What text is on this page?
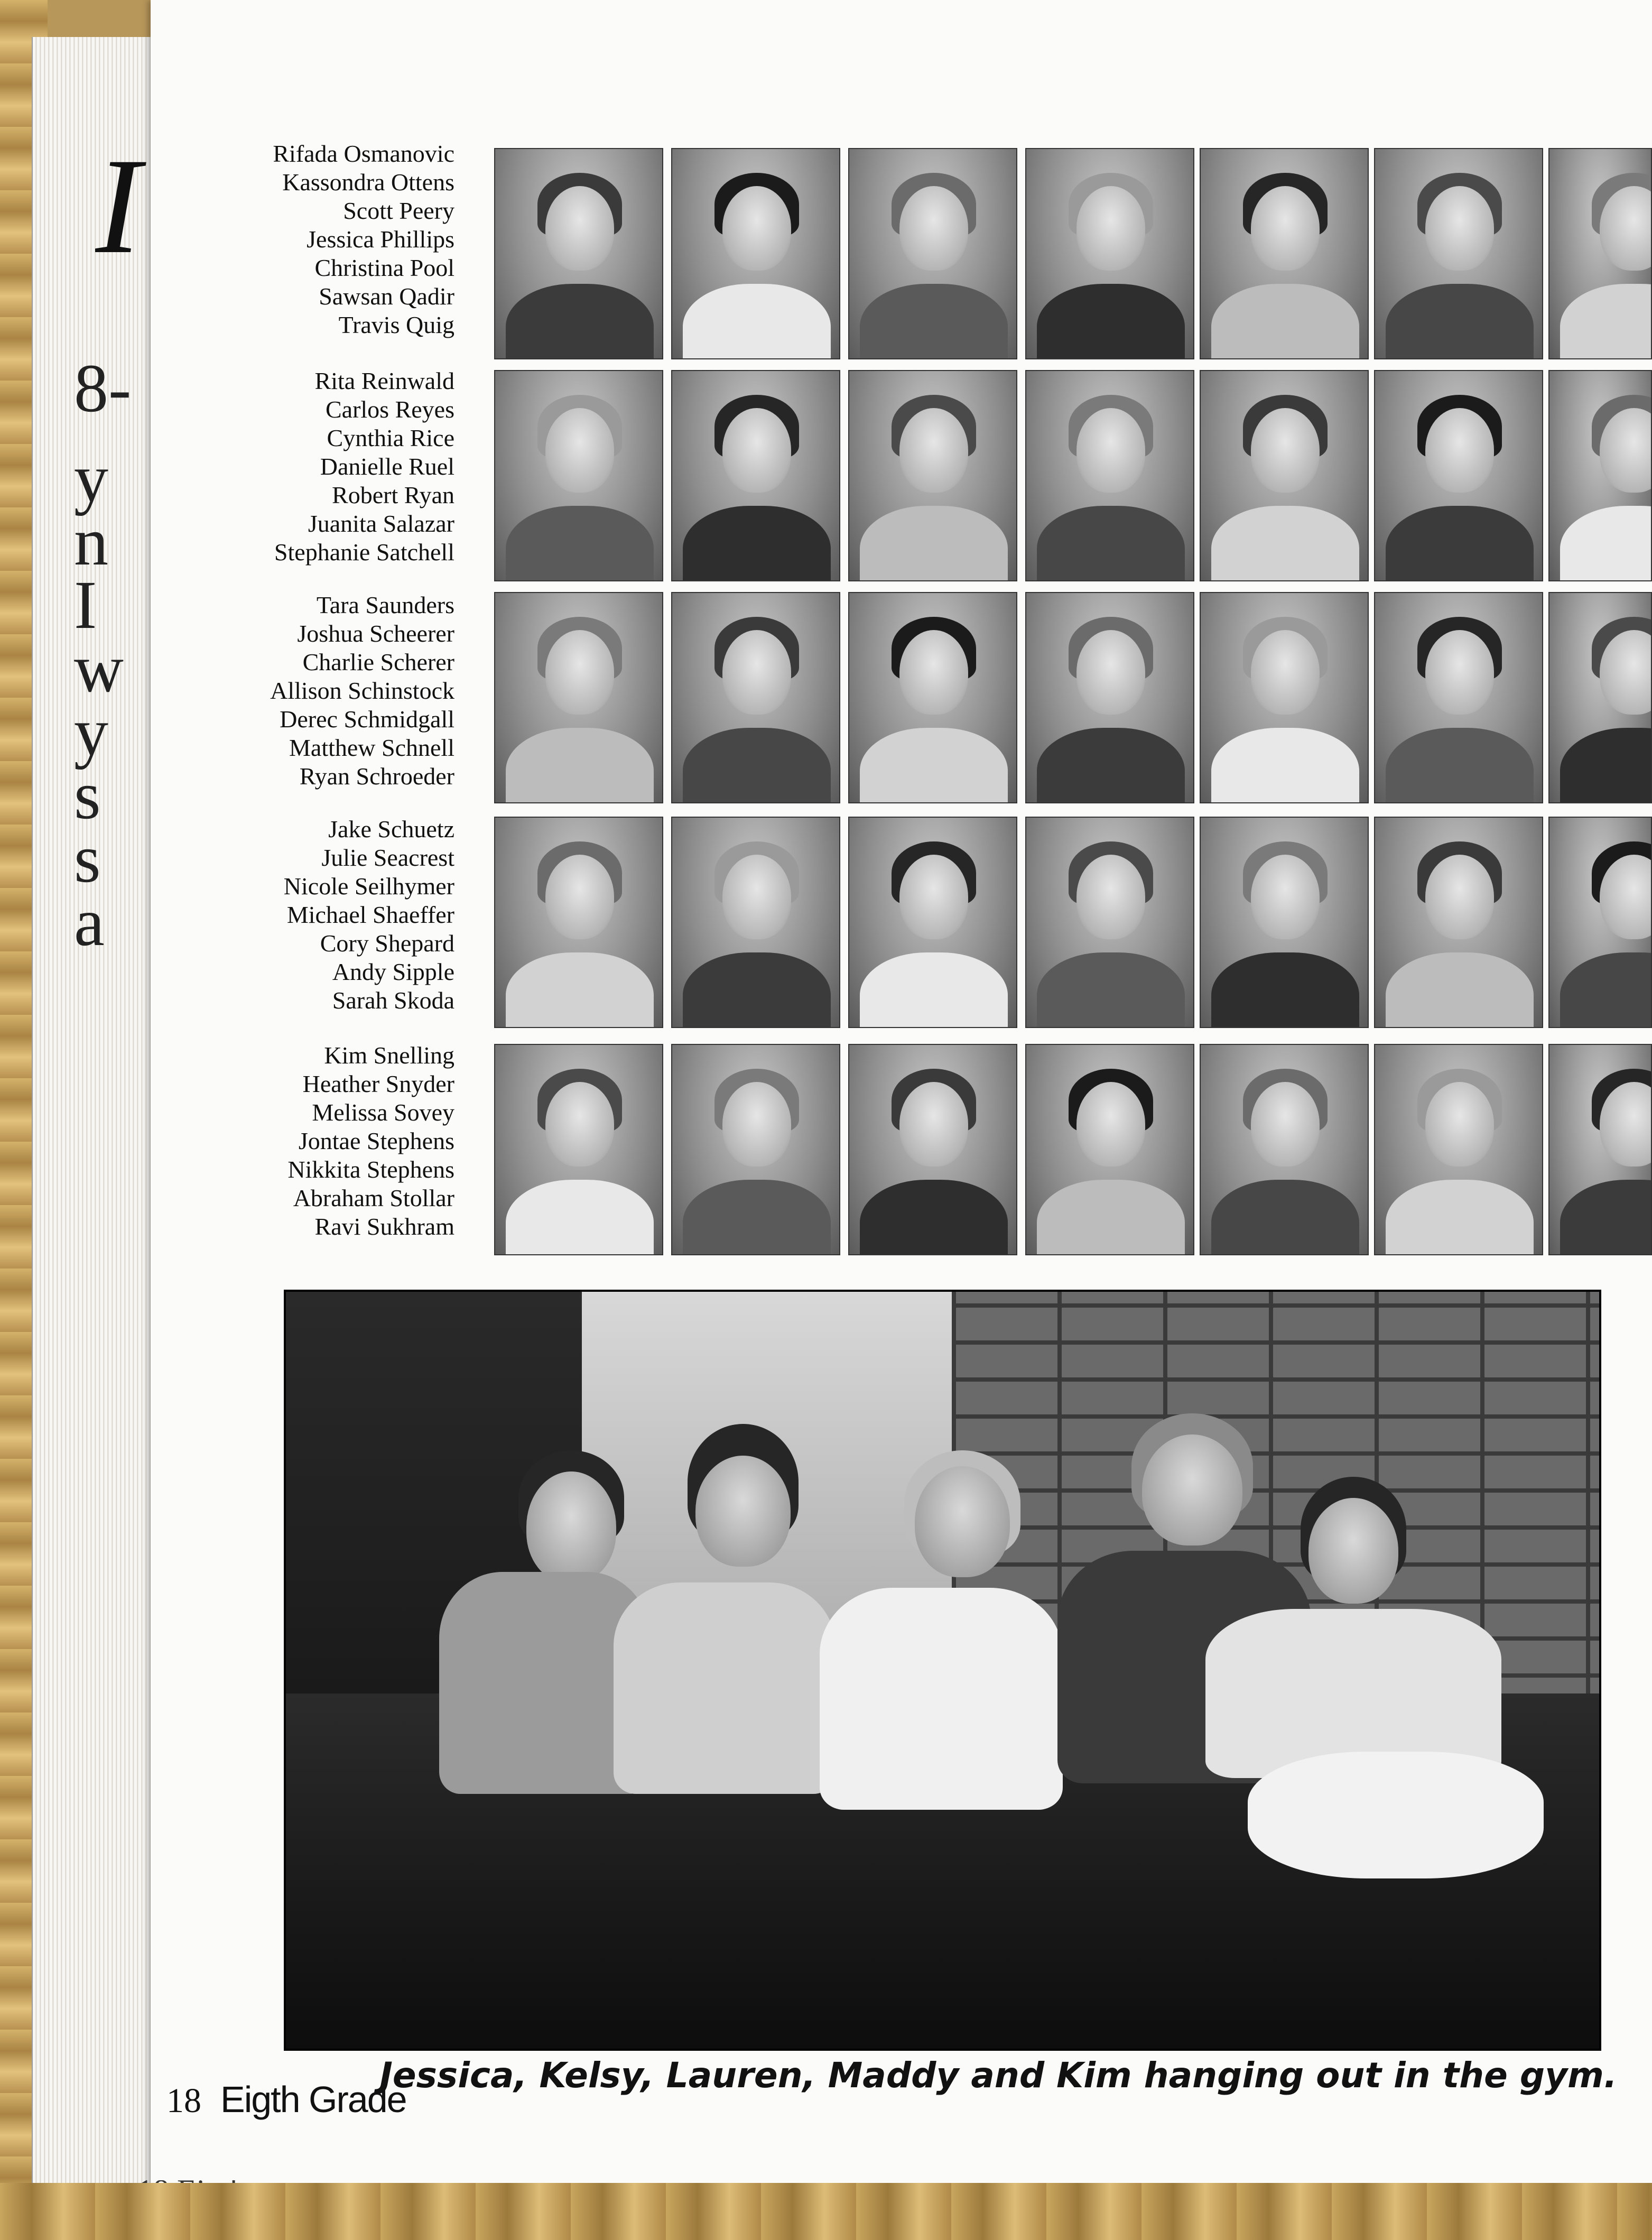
I
8-
y
n
I
w
y
s
s
a
Rifada Osmanovic
Kassondra Ottens
Scott Peery
Jessica Phillips
Christina Pool
Sawsan Qadir
Travis Quig
Rita Reinwald
Carlos Reyes
Cynthia Rice
Danielle Ruel
Robert Ryan
Juanita Salazar
Stephanie Satchell
Tara Saunders
Joshua Scheerer
Charlie Scherer
Allison Schinstock
Derec Schmidgall
Matthew Schnell
Ryan Schroeder
Jake Schuetz
Julie Seacrest
Nicole Seilhymer
Michael Shaeffer
Cory Shepard
Andy Sipple
Sarah Skoda
Kim Snelling
Heather Snyder
Melissa Sovey
Jontae Stephens
Nikkita Stephens
Abraham Stollar
Ravi Sukhram
Jessica, Kelsy, Lauren, Maddy and Kim hanging out in the gym.
18 Eigth Grade
